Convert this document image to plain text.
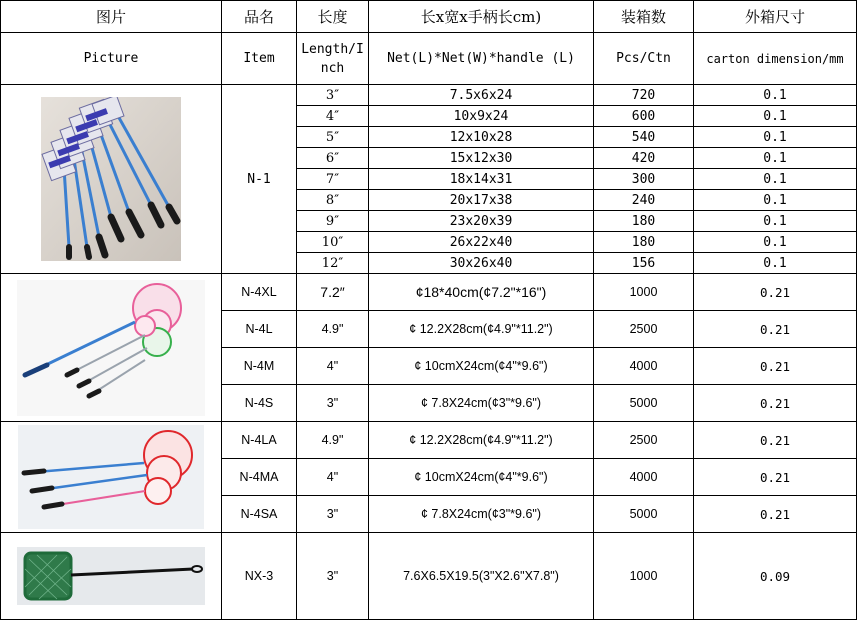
图片	品名	长度	长x宽x手柄长cm)	装箱数	外箱尺寸
Picture	Item	Length/Inch	Net(L)*Net(W)*handle (L)	Pcs/Ctn	carton dimension/mm

	N-1	3″	7.5x6x24	720	0.1
		4″	10x9x24	600	0.1
		5″	12x10x28	540	0.1
		6″	15x12x30	420	0.1
		7″	18x14x31	300	0.1
		8″	20x17x38	240	0.1
		9″	23x20x39	180	0.1
		10″	26x22x40	180	0.1
		12″	30x26x40	156	0.1

	N-4XL	7.2″	¢18*40cm(¢7.2"*16")	1000	0.21
	N-4L	4.9"	¢ 12.2X28cm(¢4.9"*11.2")	2500	0.21
	N-4M	4"	¢ 10cmX24cm(¢4"*9.6")	4000	0.21
	N-4S	3"	¢ 7.8X24cm(¢3"*9.6")	5000	0.21

	N-4LA	4.9"	¢ 12.2X28cm(¢4.9"*11.2")	2500	0.21
	N-4MA	4"	¢ 10cmX24cm(¢4"*9.6")	4000	0.21
	N-4SA	3"	¢ 7.8X24cm(¢3"*9.6")	5000	0.21

	NX-3	3"	7.6X6.5X19.5(3"X2.6"X7.8")	1000	0.09
